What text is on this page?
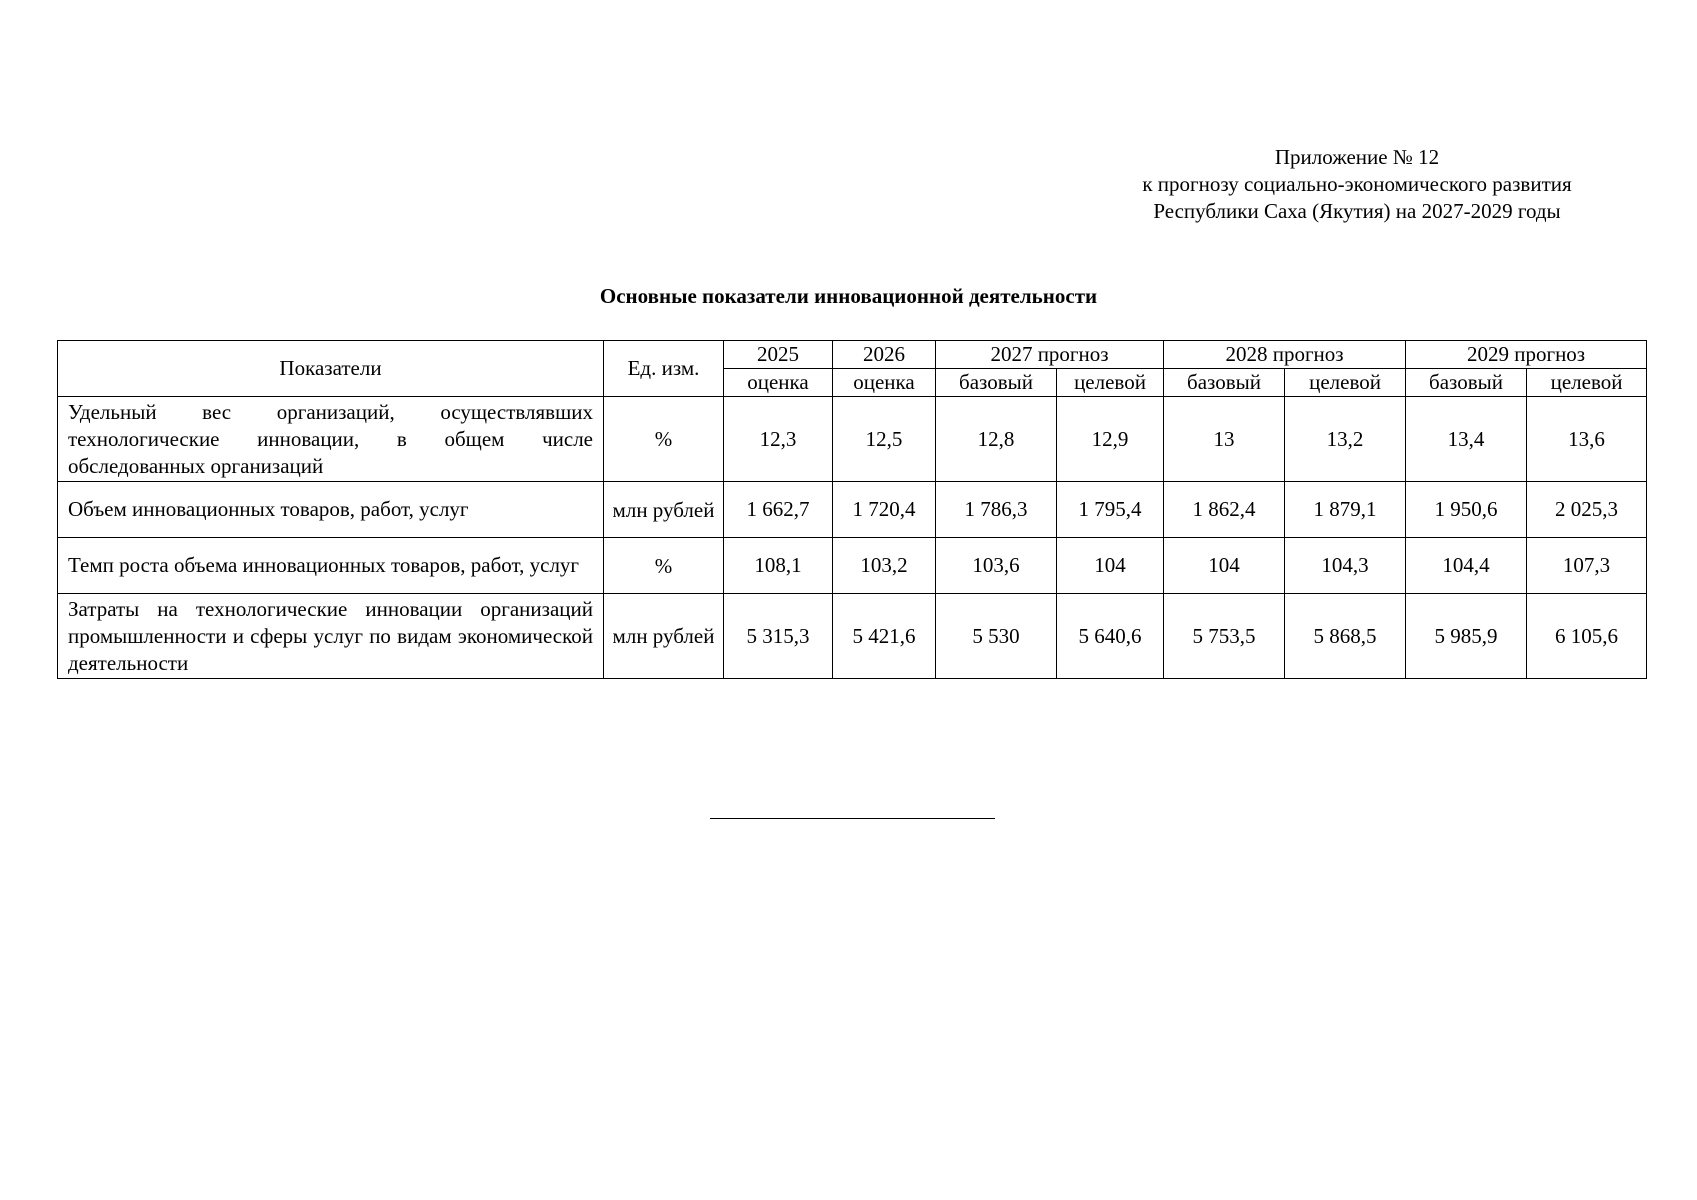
Приложение № 12
к прогнозу социально-экономического развития
Республики Саха (Якутия) на 2027-2029 годы
Основные показатели инновационной деятельности
Показатели	Ед. изм.	2025	2026	2027 прогноз		2028 прогноз		2029 прогноз	
		оценка	оценка	базовый	целевой	базовый	целевой	базовый	целевой
Удельный вес организаций, осуществлявших технологические инновации, в общем числе обследованных организаций	%	12,3	12,5	12,8	12,9	13	13,2	13,4	13,6
Объем инновационных товаров, работ, услуг	млн рублей	1 662,7	1 720,4	1 786,3	1 795,4	1 862,4	1 879,1	1 950,6	2 025,3
Темп роста объема инновационных товаров, работ, услуг	%	108,1	103,2	103,6	104	104	104,3	104,4	107,3
Затраты на технологические инновации организаций промышленности и сферы услуг по видам экономической деятельности	млн рублей	5 315,3	5 421,6	5 530	5 640,6	5 753,5	5 868,5	5 985,9	6 105,6
